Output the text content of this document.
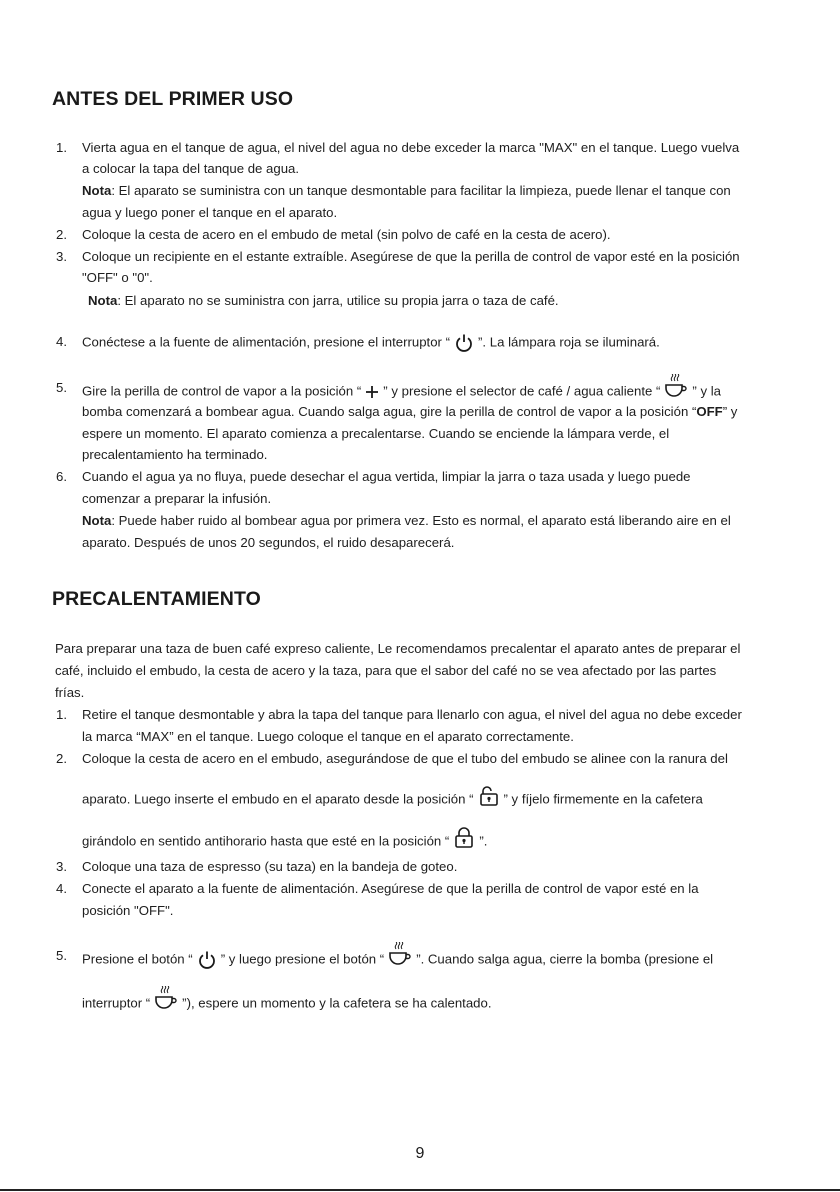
ANTES DEL PRIMER USO
1. Vierta agua en el tanque de agua, el nivel del agua no debe exceder la marca "MAX" en el tanque. Luego vuelva
a colocar la tapa del tanque de agua.
Nota: El aparato se suministra con un tanque desmontable para facilitar la limpieza, puede llenar el tanque con
agua y luego poner el tanque en el aparato.
2. Coloque la cesta de acero en el embudo de metal (sin polvo de café en la cesta de acero).
3. Coloque un recipiente en el estante extraíble. Asegúrese de que la perilla de control de vapor esté en la posición
"OFF" o "0".
Nota: El aparato no se suministra con jarra, utilice su propia jarra o taza de café.
4. Conéctese a la fuente de alimentación, presione el interruptor “ ”. La lámpara roja se iluminará.
5. Gire la perilla de control de vapor a la posición “ ” y presione el selector de café / agua caliente “ ” y la
bomba comenzará a bombear agua. Cuando salga agua, gire la perilla de control de vapor a la posición “OFF” y
espere un momento. El aparato comienza a precalentarse. Cuando se enciende la lámpara verde, el
precalentamiento ha terminado.
6. Cuando el agua ya no fluya, puede desechar el agua vertida, limpiar la jarra o taza usada y luego puede
comenzar a preparar la infusión.
Nota: Puede haber ruido al bombear agua por primera vez. Esto es normal, el aparato está liberando aire en el
aparato. Después de unos 20 segundos, el ruido desaparecerá.
PRECALENTAMIENTO
Para preparar una taza de buen café expreso caliente, Le recomendamos precalentar el aparato antes de preparar el
café, incluido el embudo, la cesta de acero y la taza, para que el sabor del café no se vea afectado por las partes
frías.
1. Retire el tanque desmontable y abra la tapa del tanque para llenarlo con agua, el nivel del agua no debe exceder
la marca “MAX” en el tanque. Luego coloque el tanque en el aparato correctamente.
2. Coloque la cesta de acero en el embudo, asegurándose de que el tubo del embudo se alinee con la ranura del
aparato. Luego inserte el embudo en el aparato desde la posición “ ” y fíjelo firmemente en la cafetera
girándolo en sentido antihorario hasta que esté en la posición “ ”.
3. Coloque una taza de espresso (su taza) en la bandeja de goteo.
4. Conecte el aparato a la fuente de alimentación. Asegúrese de que la perilla de control de vapor esté en la
posición "OFF".
5. Presione el botón “ ” y luego presione el botón “ ”. Cuando salga agua, cierre la bomba (presione el
interruptor “ ”), espere un momento y la cafetera se ha calentado.
9
